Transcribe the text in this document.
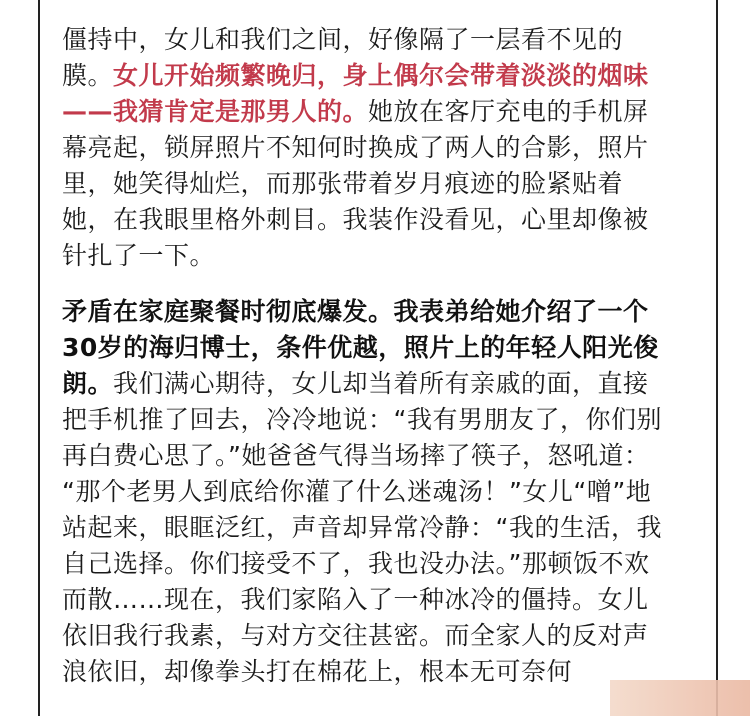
僵持中，女儿和我们之间，好像隔了一层看不见的
膜。女儿开始频繁晚归，身上偶尔会带着淡淡的烟味
——我猜肯定是那男人的。她放在客厅充电的手机屏
幕亮起，锁屏照片不知何时换成了两人的合影，照片
里，她笑得灿烂，而那张带着岁月痕迹的脸紧贴着
她，在我眼里格外刺目。我装作没看见，心里却像被
针扎了一下。
矛盾在家庭聚餐时彻底爆发。我表弟给她介绍了一个
30岁的海归博士，条件优越，照片上的年轻人阳光俊
朗。我们满心期待，女儿却当着所有亲戚的面，直接
把手机推了回去，冷冷地说：“我有男朋友了，你们别
再白费心思了。”她爸爸气得当场摔了筷子，怒吼道：
“那个老男人到底给你灌了什么迷魂汤！”女儿“噌”地
站起来，眼眶泛红，声音却异常冷静：“我的生活，我
自己选择。你们接受不了，我也没办法。”那顿饭不欢
而散……现在，我们家陷入了一种冰冷的僵持。女儿
依旧我行我素，与对方交往甚密。而全家人的反对声
浪依旧，却像拳头打在棉花上，根本无可奈何
